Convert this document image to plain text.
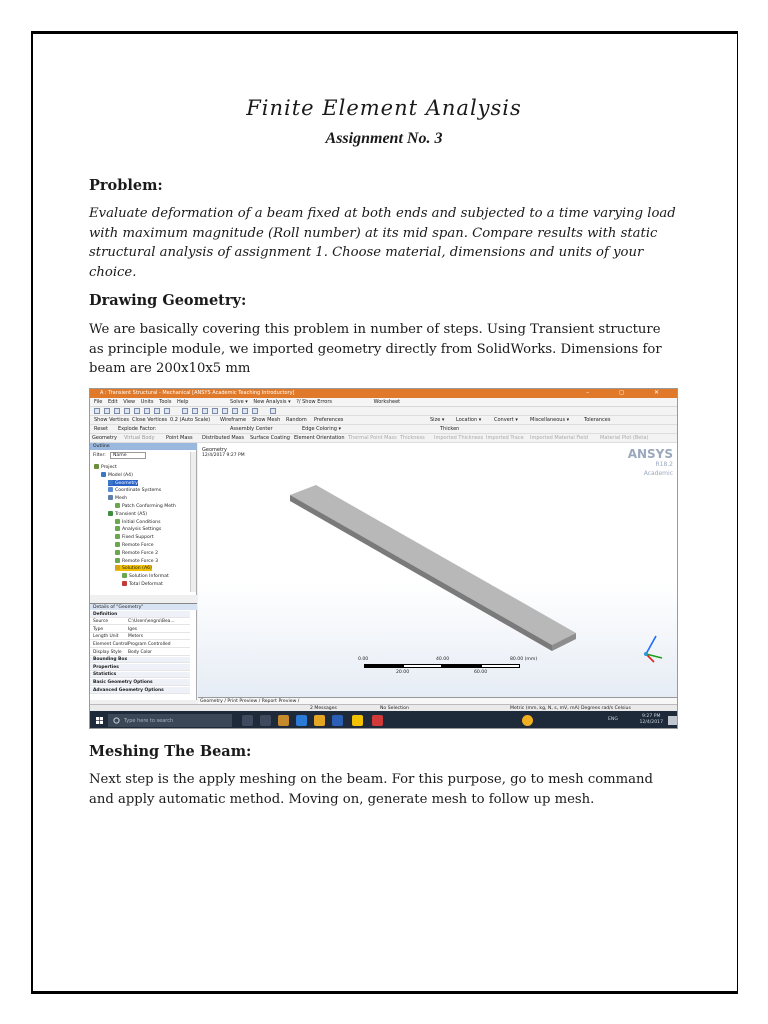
Finite Element Analysis
Assignment No. 3
Problem:
Evaluate deformation of a beam fixed at both ends and subjected to a time varying load with maximum magnitude (Roll number) at its mid span. Compare results with static structural analysis of assignment 1. Choose material, dimensions and units of your choice.
Drawing Geometry:
We are basically covering this problem in number of steps. Using Transient structure as principle module, we imported geometry directly from SolidWorks. Dimensions for beam are 200x10x5 mm
A : Transient Structural - Mechanical [ANSYS Academic Teaching Introductory]	– ◻ ✕
File Edit View Units Tools Help	Solve ▾ New Analysis ▾ ?/ Show Errors	Worksheet
Show Vertices Close Vertices 0.2 (Auto Scale) Wireframe Show Mesh Random Preferences	Size ▾ Location ▾	Convert ▾ Miscellaneous ▾	Tolerances
Reset Explode Factor:	Assembly Center	Edge Coloring ▾	Thicken
Geometry Virtual Body Point Mass Distributed Mass Surface Coating Element Orientation Thermal Point Mass Thickness Imported Thickness Imported Trace Imported Material Field Material Plot (Beta)
Outline
Filter:	Name
Project
Model (A4)
Geometry
Coordinate Systems
Mesh
Patch Conforming Meth
Transient (A5)
Initial Conditions
Analysis Settings
Fixed Support
Remote Force
Remote Force 2
Remote Force 3
Solution (A6)
Solution Informat
Total Deformat
Details of "Geometry"
Definition
Source	C:\Users\engro\Bea...
Type	Iges
Length Unit Meters
Element Control Program Controlled
Display Style Body Color
Bounding Box
Properties
Statistics
Basic Geometry Options
Advanced Geometry Options
Geometry
12/4/2017 9:27 PM	ANSYS
R18.2
Academic
0.00
20.00
40.00
60.00
80.00 (mm)
Geometry / Print Preview / Report Preview /
2 Messages	No Selection	Metric (mm, kg, N, s, mV, mA) Degrees rad/s Celsius
Type here to search	ENG
9:27 PM
12/4/2017
Meshing The Beam:
Next step is the apply meshing on the beam. For this purpose, go to mesh command and apply automatic method. Moving on, generate mesh to follow up mesh.
